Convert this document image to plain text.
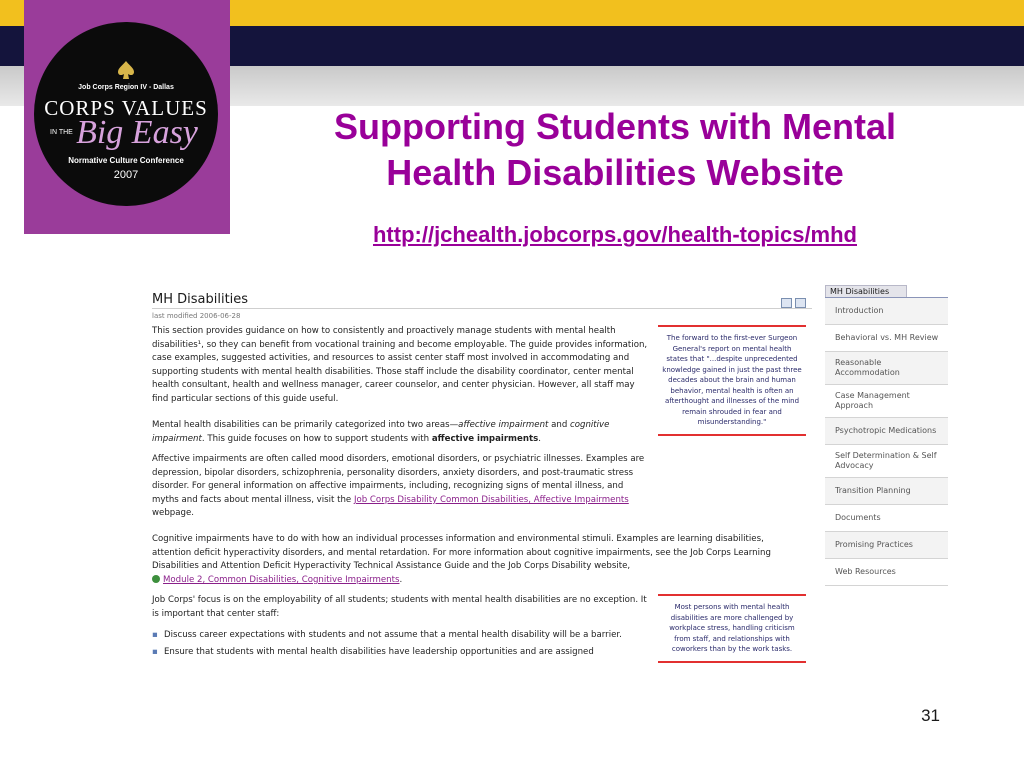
Job Corps Region IV - Dallas
CORPS VALUES
IN THE Big Easy
Normative Culture Conference
2007
Supporting Students with Mental
Health Disabilities Website
http://jchealth.jobcorps.gov/health-topics/mhd
MH Disabilities
last modified 2006-06-28

This section provides guidance on how to consistently and proactively manage students with mental health disabilities¹, so they can benefit from vocational training and become employable. The guide provides information, case examples, suggested activities, and resources to assist center staff most involved in accommodating and supporting students with mental health disabilities. Those staff include the disability coordinator, center mental health consultant, health and wellness manager, career counselor, and center physician. However, all staff may find particular sections of this guide useful.

Mental health disabilities can be primarily categorized into two areas—affective impairment and cognitive impairment. This guide focuses on how to support students with affective impairments.

Affective impairments are often called mood disorders, emotional disorders, or psychiatric illnesses. Examples are depression, bipolar disorders, schizophrenia, personality disorders, anxiety disorders, and post-traumatic stress disorder. For general information on affective impairments, including, recognizing signs of mental illness, and myths and facts about mental illness, visit the Job Corps Disability Common Disabilities, Affective Impairments webpage.

Cognitive impairments have to do with how an individual processes information and environmental stimuli. Examples are learning disabilities, attention deficit hyperactivity disorders, and mental retardation. For more information about cognitive impairments, see the Job Corps Learning Disabilities and Attention Deficit Hyperactivity Technical Assistance Guide and the Job Corps Disability website,
Module 2, Common Disabilities, Cognitive Impairments.

Job Corps' focus is on the employability of all students; students with mental health disabilities are no exception. It is important that center staff:

▪ Discuss career expectations with students and not assume that a mental health disability will be a barrier.
▪ Ensure that students with mental health disabilities have leadership opportunities and are assigned
The forward to the first-ever Surgeon General's report on mental health states that "...despite unprecedented knowledge gained in just the past three decades about the brain and human behavior, mental health is often an afterthought and illnesses of the mind remain shrouded in fear and misunderstanding."
Most persons with mental health disabilities are more challenged by workplace stress, handling criticism from staff, and relationships with coworkers than by the work tasks.
MH Disabilities
Introduction
Behavioral vs. MH Review
Reasonable Accommodation
Case Management Approach
Psychotropic Medications
Self Determination & Self Advocacy
Transition Planning
Documents
Promising Practices
Web Resources
31
